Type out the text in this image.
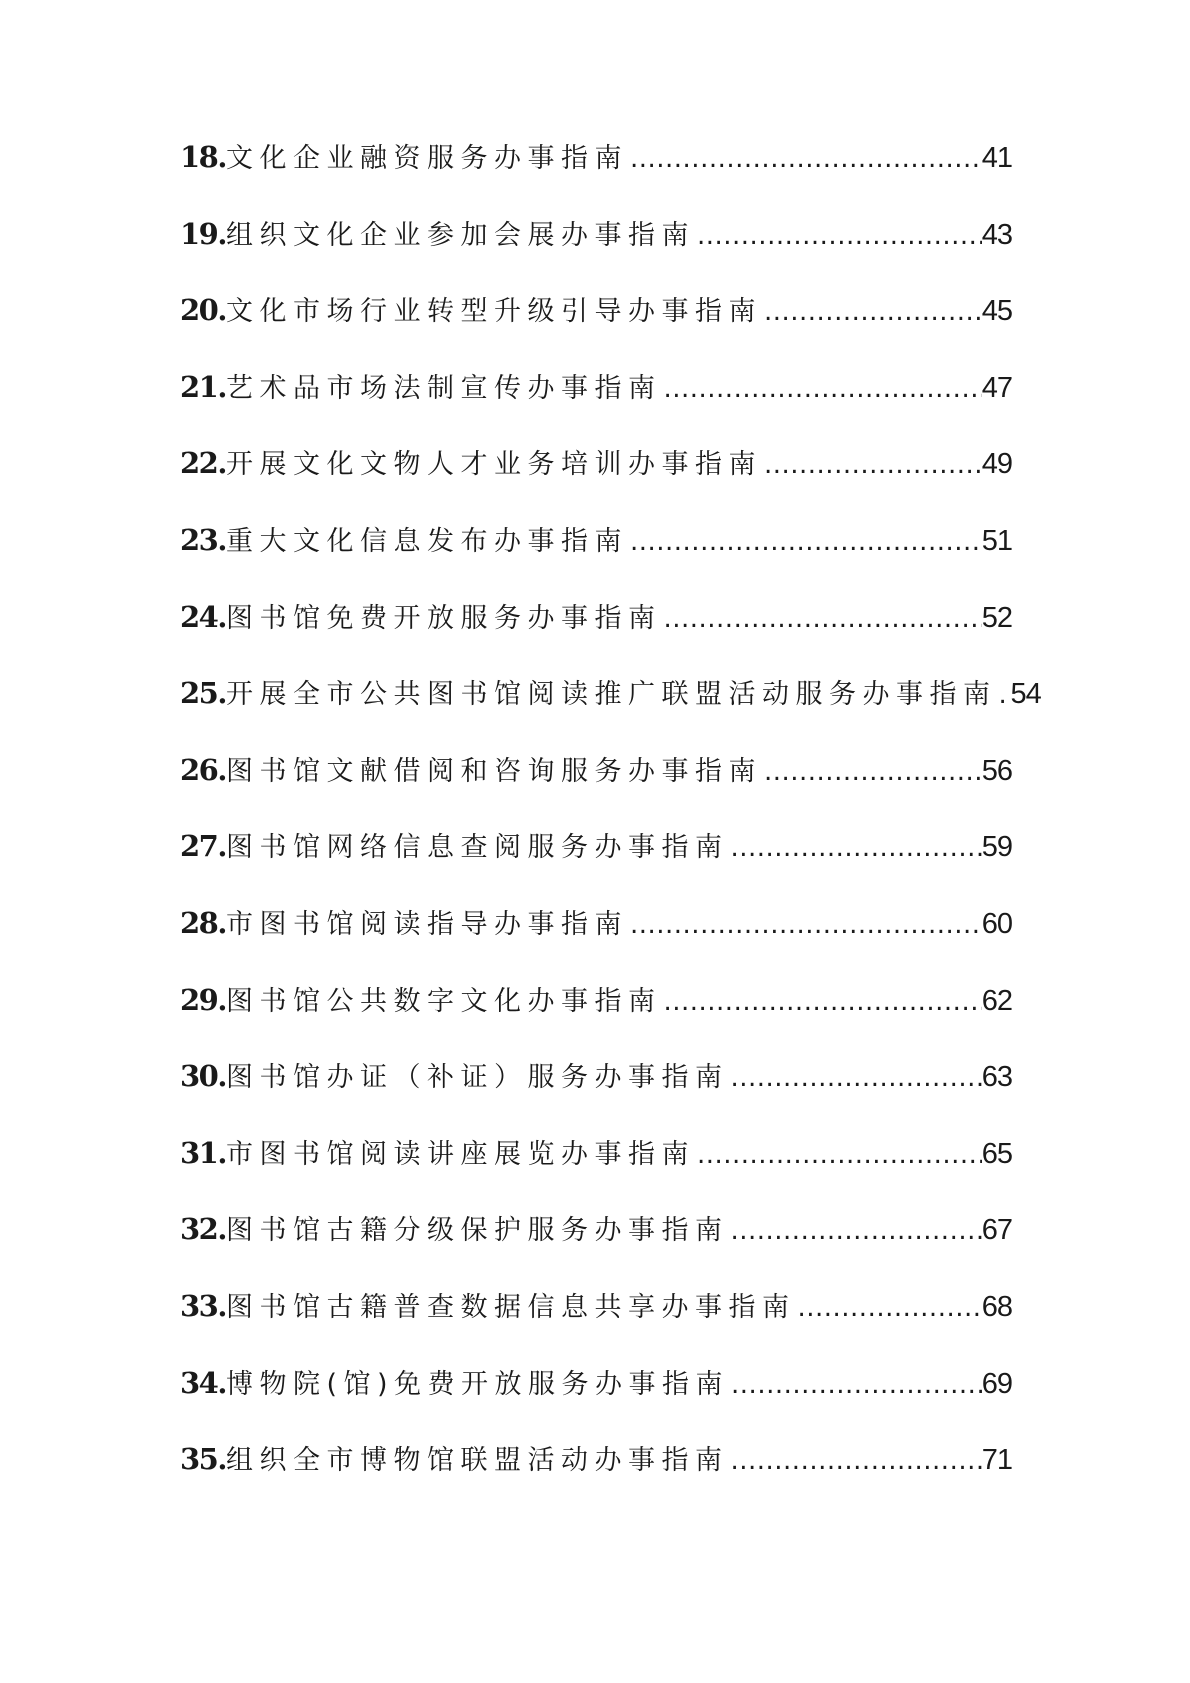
18. 文化企业融资服务办事指南 .....	41
19. 组织文化企业参加会展办事指南 .....	43
20. 文化市场行业转型升级引导办事指南 .....	45
21. 艺术品市场法制宣传办事指南 .....	47
22. 开展文化文物人才业务培训办事指南 .....	49
23. 重大文化信息发布办事指南 .....	51
24. 图书馆免费开放服务办事指南 .....	52
25. 开展全市公共图书馆阅读推广联盟活动服务办事指南 ..... 54
26. 图书馆文献借阅和咨询服务办事指南 .....	56
27. 图书馆网络信息查阅服务办事指南 .....	59
28. 市图书馆阅读指导办事指南 .....	60
29. 图书馆公共数字文化办事指南 .....	62
30. 图书馆办证（补证）服务办事指南 .....	63
31. 市图书馆阅读讲座展览办事指南 .....	65
32. 图书馆古籍分级保护服务办事指南 .....	67
33. 图书馆古籍普查数据信息共享办事指南 .....	68
34. 博物院(馆)免费开放服务办事指南 .....	69
35. 组织全市博物馆联盟活动办事指南 .....	71
